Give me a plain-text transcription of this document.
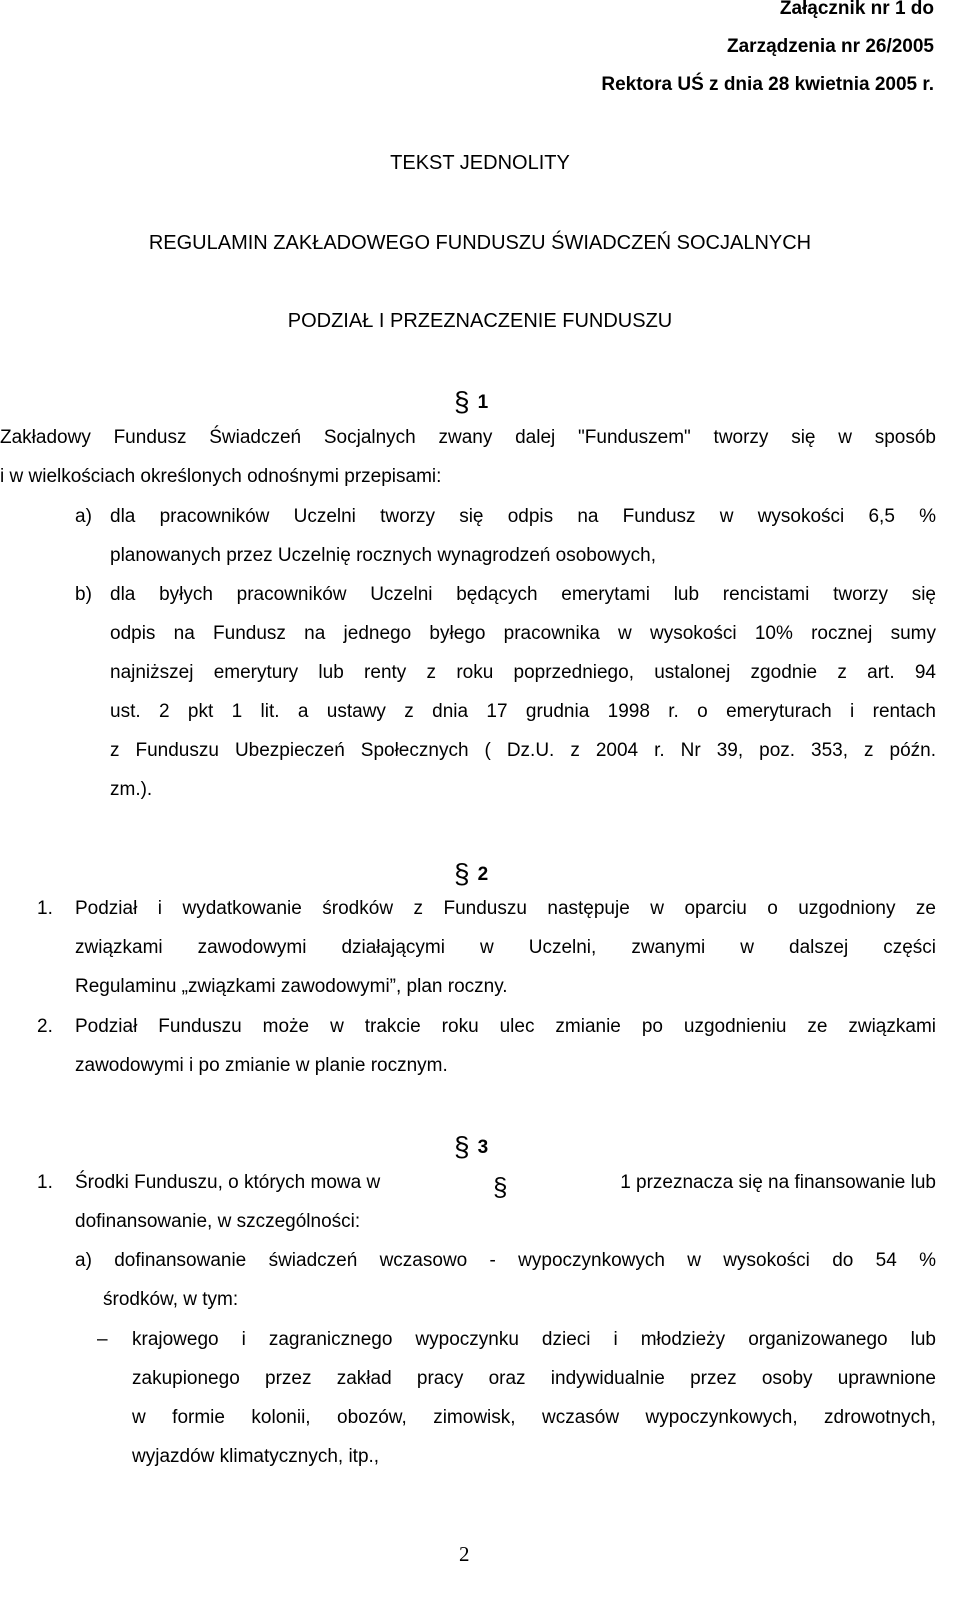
Załącznik nr 1 do
Zarządzenia nr 26/2005
Rektora UŚ z dnia 28 kwietnia 2005 r.
TEKST JEDNOLITY
REGULAMIN ZAKŁADOWEGO FUNDUSZU ŚWIADCZEŃ SOCJALNYCH
PODZIAŁ I PRZEZNACZENIE FUNDUSZU
§ 1
Zakładowy Fundusz Świadczeń Socjalnych zwany dalej "Funduszem" tworzy się w sposób
i w wielkościach określonych odnośnymi przepisami:
a) dla pracowników Uczelni tworzy się odpis na Fundusz w wysokości 6,5 %
planowanych przez Uczelnię rocznych wynagrodzeń osobowych,
b) dla byłych pracowników Uczelni będących emerytami lub rencistami tworzy się
odpis na Fundusz na jednego byłego pracownika w wysokości 10% rocznej sumy
najniższej emerytury lub renty z roku poprzedniego, ustalonej zgodnie z art. 94
ust. 2 pkt 1 lit. a ustawy z dnia 17 grudnia 1998 r. o emeryturach i rentach
z Funduszu Ubezpieczeń Społecznych ( Dz.U. z 2004 r. Nr 39, poz. 353, z późn.
zm.).
§ 2
1. Podział i wydatkowanie środków z Funduszu następuje w oparciu o uzgodniony ze
związkami zawodowymi działającymi w Uczelni, zwanymi w dalszej części
Regulaminu „związkami zawodowymi”, plan roczny.
2. Podział Funduszu może w trakcie roku ulec zmianie po uzgodnieniu ze związkami
zawodowymi i po zmianie w planie rocznym.
§ 3
1. Środki Funduszu, o których mowa w	§	1 przeznacza się na finansowanie lub
dofinansowanie, w szczególności:
a) dofinansowanie świadczeń wczasowo - wypoczynkowych w wysokości do 54 %
środków, w tym:
– krajowego i zagranicznego wypoczynku dzieci i młodzieży organizowanego lub
zakupionego przez zakład pracy oraz indywidualnie przez osoby uprawnione
w formie kolonii, obozów, zimowisk, wczasów wypoczynkowych, zdrowotnych,
wyjazdów klimatycznych, itp.,
2
